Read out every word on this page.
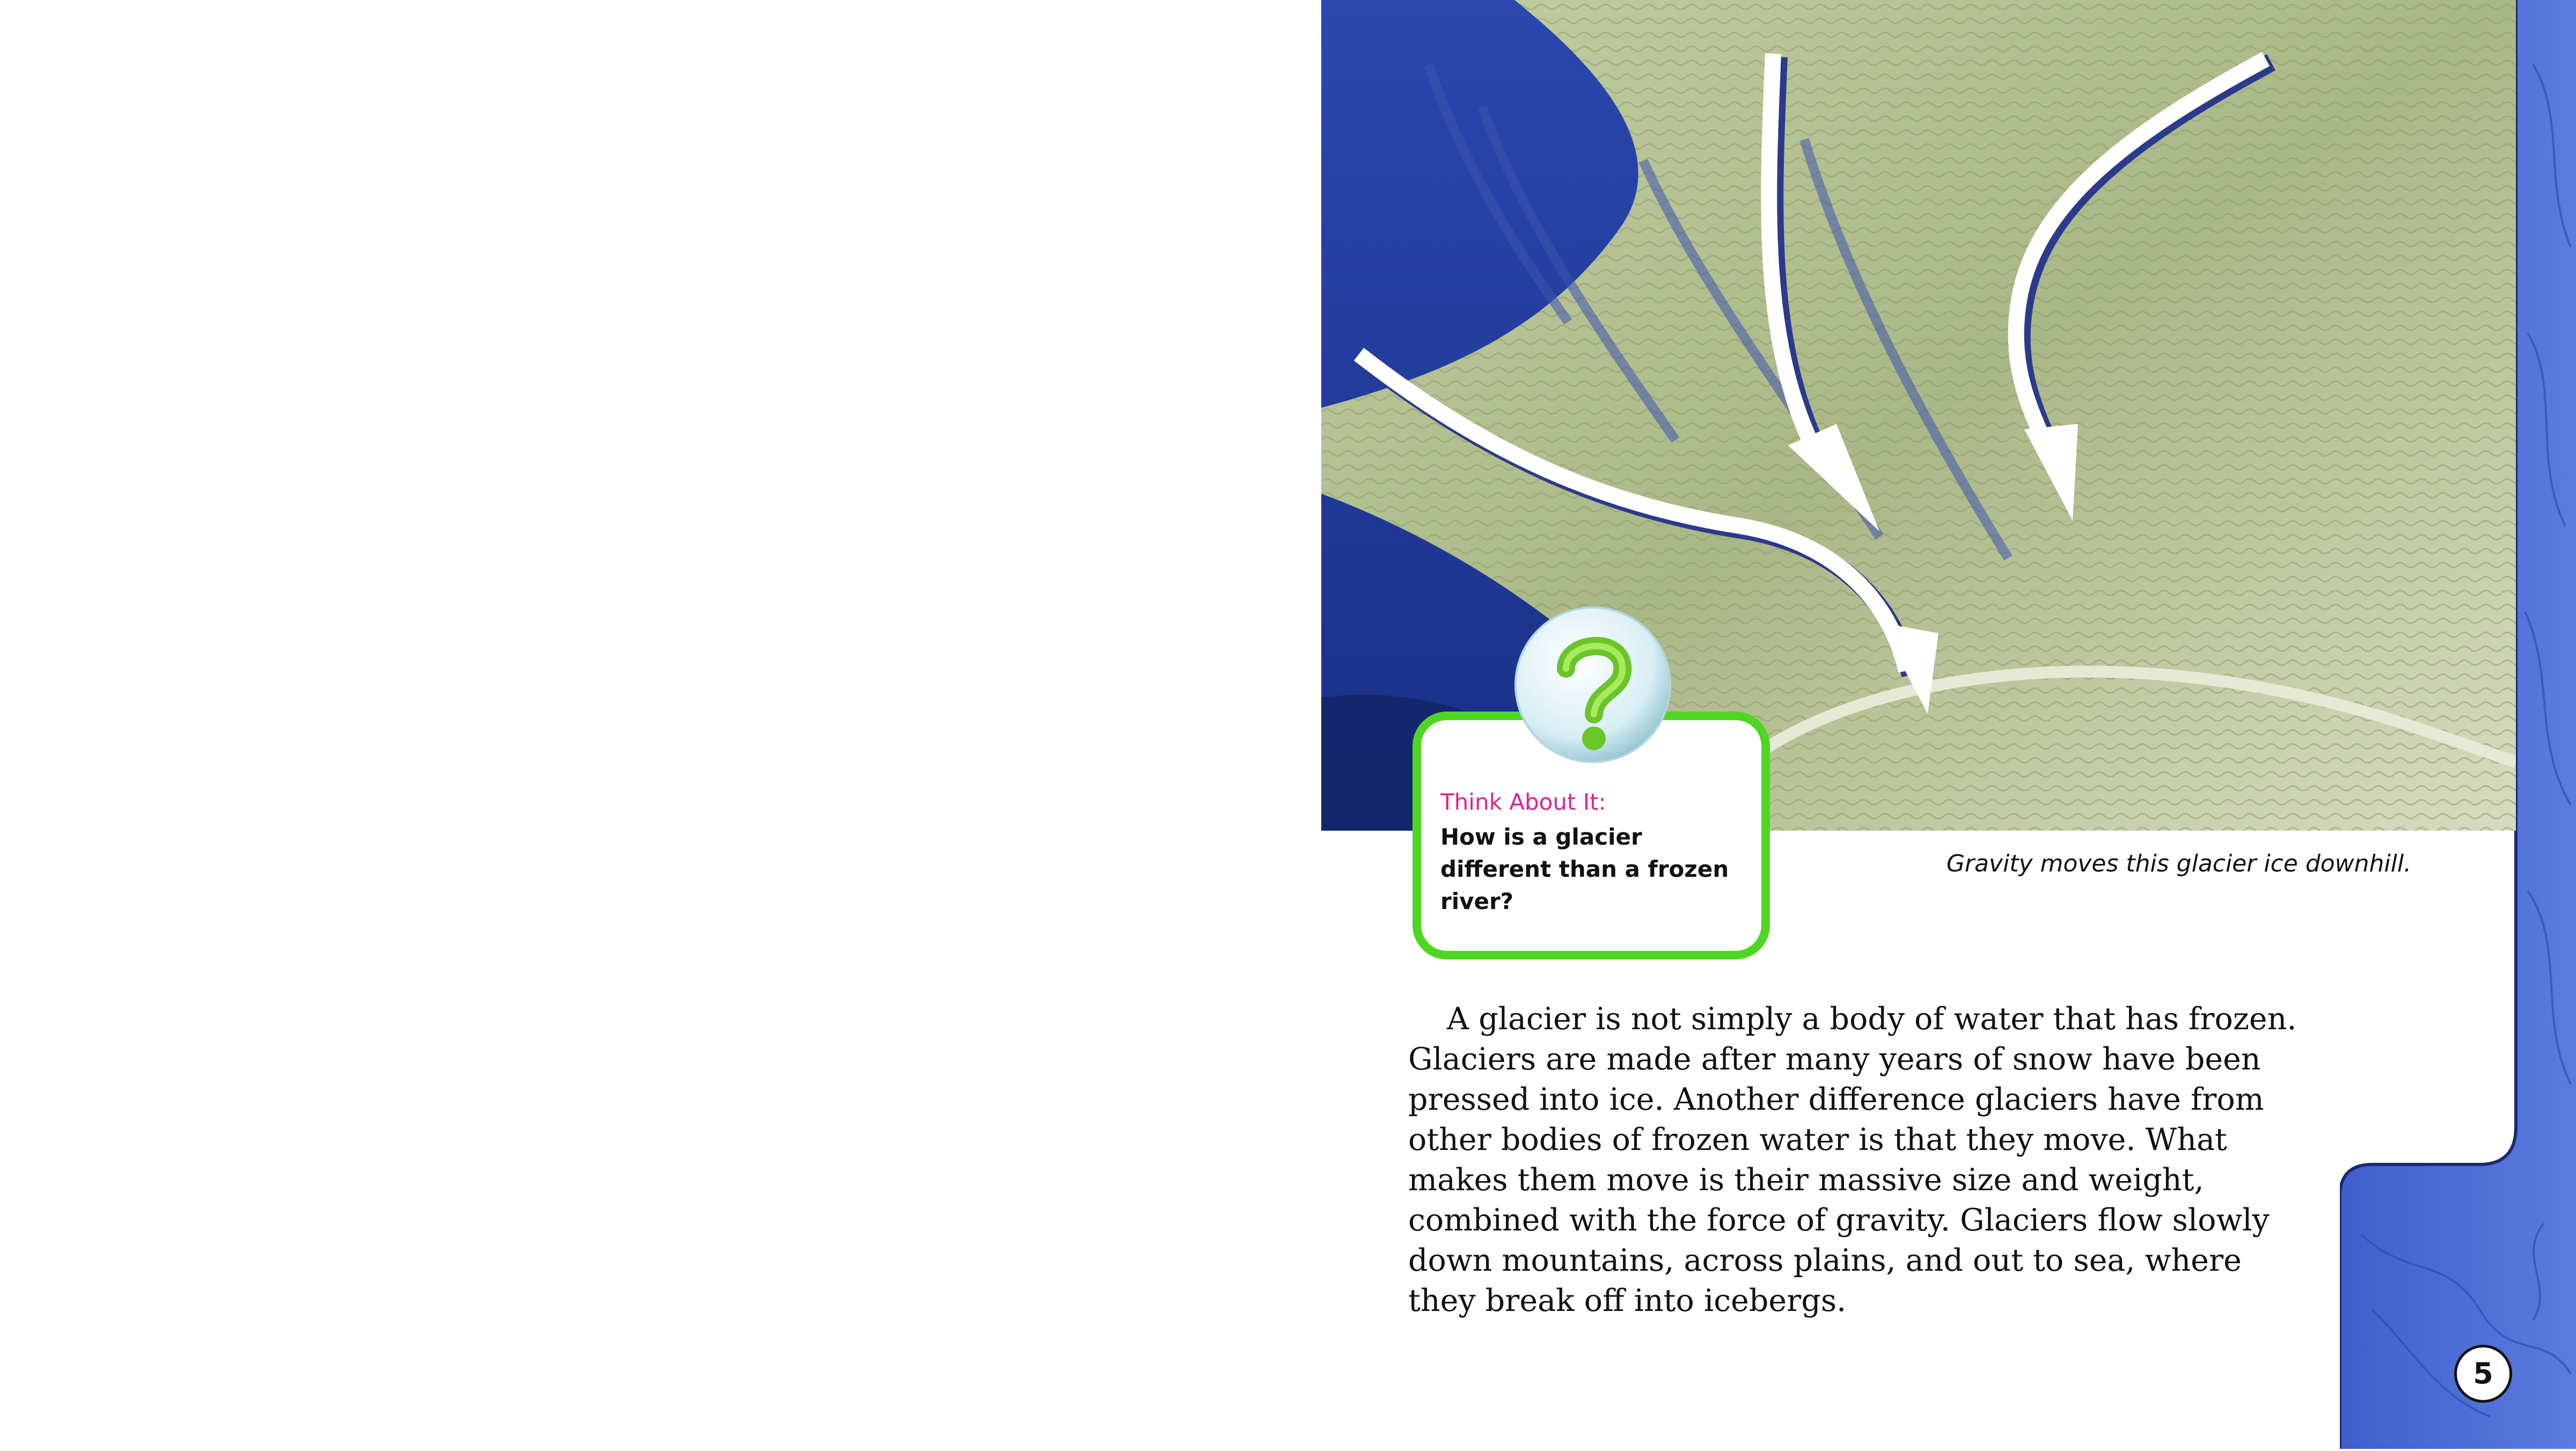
Gravity moves this glacier ice downhill.
Think About It:
How is a glacier different than a frozen river?

A glacier is not simply a body of water that has frozen. Glaciers are made after many years of snow have been pressed into ice. Another difference glaciers have from other bodies of frozen water is that they move. What makes them move is their massive size and weight, combined with the force of gravity. Glaciers flow slowly down mountains, across plains, and out to sea, where they break off into icebergs.

5
